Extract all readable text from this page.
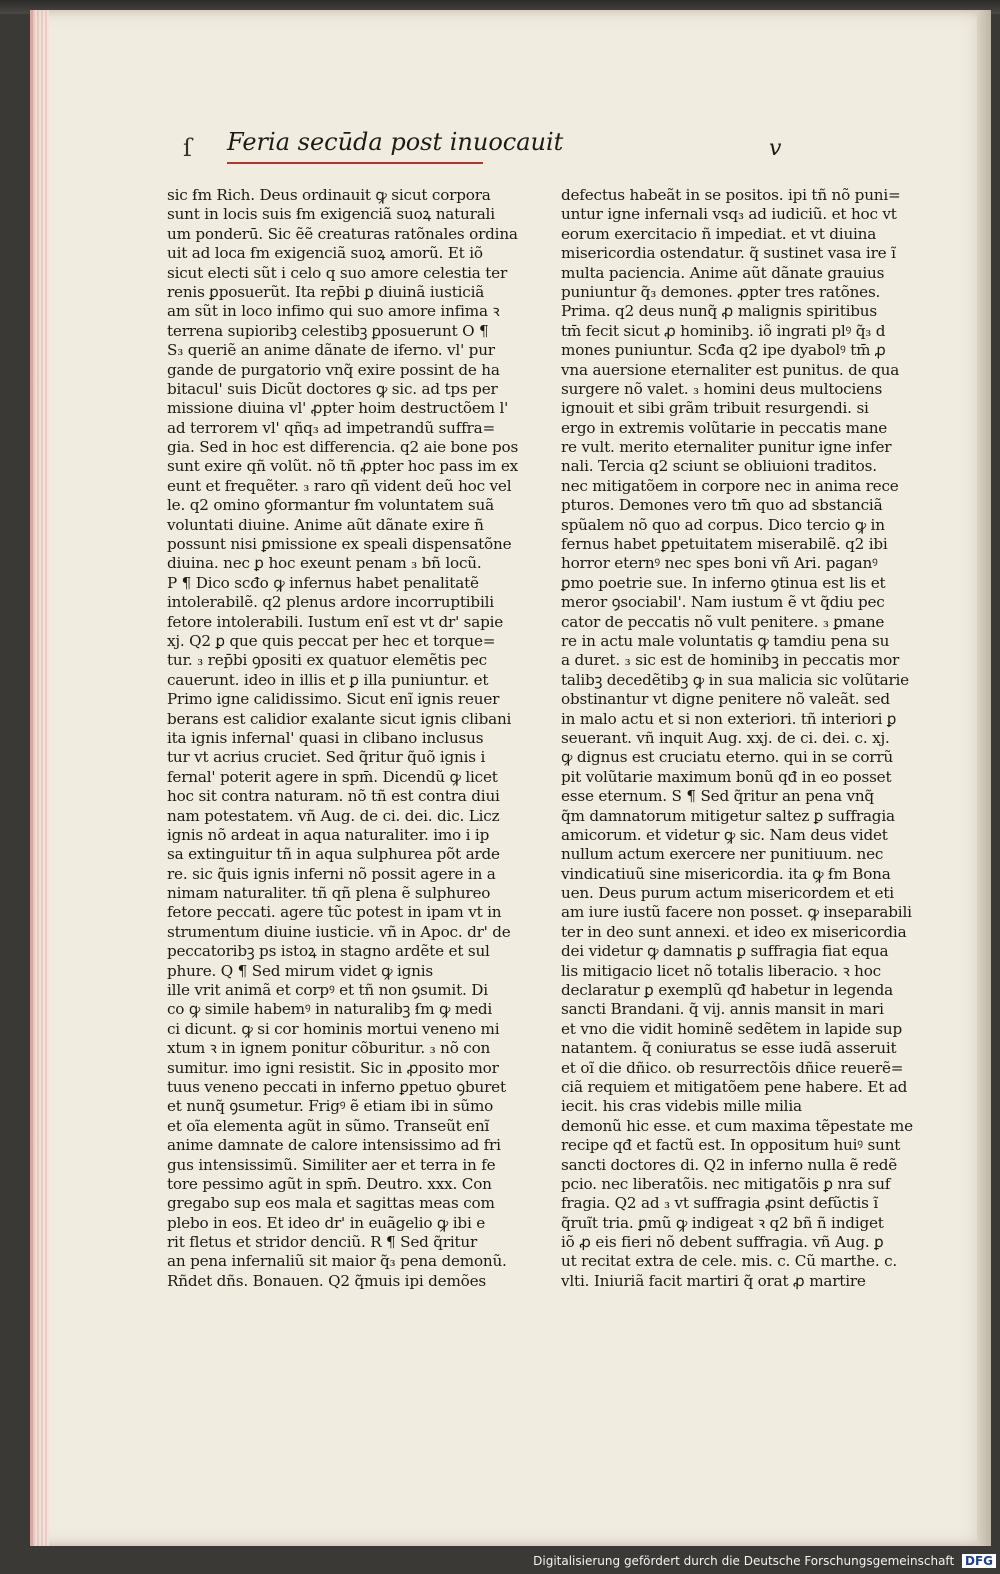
ſ Feria secūda post inuocauit	v
sic ẜm Rich. Deus ordinauit ꝙ sicut corpora
sunt in locis suis ẜm exigenciã suoꝝ naturali
um ponderū. Sic ẽẽ creaturas ratõnales ordina
uit ad loca ẜm exigenciã suoꝝ amorũ. Et iõ
sicut electi sũt i celo q suo amore celestia ter
renis ꝑposuerũt. Ita rep̄bi ꝑ diuinã iusticiã
am sũt in loco infimo qui suo amore infima ꝛ
terrena supioribꝫ celestibꝫ ꝑposuerunt O ¶
S₃ queriẽ an anime dãnate de iferno. vl' pur
gande de purgatorio vnq̃ exire possint de ha
bitacul' suis Dicũt doctores ꝙ sic. ad tps per
missione diuina vl' ꝓpter hoim destructõem l'
ad terrorem vl' qñq₃ ad impetrandũ suffra=
gia. Sed in hoc est differencia. q2 aie bone pos
sunt exire qñ volũt. nõ tñ ꝓpter hoc pass im ex
eunt et frequẽter. ₃ raro qñ vident deũ hoc vel
le. q2 omino ꝯformantur ẜm voluntatem suã
voluntati diuine. Anime aũt dãnate exire ñ
possunt nisi ꝑmissione ex speali dispensatõne
diuina. nec ꝑ hoc exeunt penam ₃ bñ locũ.
P ¶ Dico scđo ꝙ infernus habet penalitatẽ
intolerabilẽ. q2 plenus ardore incorruptibili
fetore intolerabili. Iustum enĩ est vt dr' sapie
xj. Q2 ꝑ que quis peccat per hec et torque=
tur. ₃ rep̄bi ꝯpositi ex quatuor elemẽtis pec
cauerunt. ideo in illis et ꝑ illa puniuntur. et
Primo igne calidissimo. Sicut enĩ ignis reuer
berans est calidior exalante sicut ignis clibani
ita ignis infernal' quasi in clibano inclusus
tur vt acrius cruciet. Sed q̃ritur q̃uõ ignis i
fernal' poterit agere in spm̄. Dicendũ ꝙ licet
hoc sit contra naturam. nõ tñ est contra diui
nam potestatem. vñ Aug. de ci. dei. dic. Licz
ignis nõ ardeat in aqua naturaliter. imo i ip
sa extinguitur tñ in aqua sulphurea põt arde
re. sic q̃uis ignis inferni nõ possit agere in a
nimam naturaliter. tñ qñ plena ẽ sulphureo
fetore peccati. agere tũc potest in ipam vt in
strumentum diuine iusticie. vñ in Apoc. dr' de
peccatoribꝫ ps istoꝝ in stagno ardẽte et sul
phure. Q ¶ Sed mirum videt ꝙ ignis
ille vrit animã et corpꝰ et tñ non ꝯsumit. Di
co ꝙ simile habemꝰ in naturalibꝫ ẜm ꝙ medi
ci dicunt. ꝙ si cor hominis mortui veneno mi
xtum ꝛ in ignem ponitur cõburitur. ₃ nõ con
sumitur. imo igni resistit. Sic in ꝓposito mor
tuus veneno peccati in inferno ꝑpetuo ꝯburet
et nunq̃ ꝯsumetur. Frigꝰ ẽ etiam ibi in sũmo
et oĩa elementa agũt in sũmo. Transeũt enĩ
anime damnate de calore intensissimo ad fri
gus intensissimũ. Similiter aer et terra in fe
tore pessimo agũt in spm̄. Deutro. xxx. Con
gregabo sup eos mala et sagittas meas com
plebo in eos. Et ideo dr' in euãgelio ꝙ ibi e
rit fletus et stridor denciũ. R ¶ Sed q̃ritur
an pena infernaliũ sit maior q̃₃ pena demonũ.
Rñdet dñs. Bonauen. Q2 q̃muis ipi demões
defectus habeãt in se positos. ipi tñ nõ puni=
untur igne infernali vsq₃ ad iudiciũ. et hoc vt
eorum exercitacio ñ impediat. et vt diuina
misericordia ostendatur. q̃ sustinet vasa ire ĩ
multa paciencia. Anime aũt dãnate grauius
puniuntur q̃₃ demones. ꝓpter tres ratõnes.
Prima. q2 deus nunq̃ ꝓ malignis spiritibus
tm̄ fecit sicut ꝓ hominibꝫ. iõ ingrati plꝰ q̃₃ d
mones puniuntur. Scđa q2 ipe dyabolꝰ tm̄ ꝓ
vna auersione eternaliter est punitus. de qua
surgere nõ valet. ₃ homini deus multociens
ignouit et sibi grãm tribuit resurgendi. si
ergo in extremis volũtarie in peccatis mane
re vult. merito eternaliter punitur igne infer
nali. Tercia q2 sciunt se obliuioni traditos.
nec mitigatõem in corpore nec in anima rece
pturos. Demones vero tm̄ quo ad sbstanciã
spũalem nõ quo ad corpus. Dico tercio ꝙ in
fernus habet ꝑpetuitatem miserabilẽ. q2 ibi
horror eternꝰ nec spes boni vñ Ari. paganꝰ
ꝑmo poetrie sue. In inferno ꝯtinua est lis et
meror ꝯsociabil'. Nam iustum ẽ vt q̃diu pec
cator de peccatis nõ vult penitere. ₃ ꝑmane
re in actu male voluntatis ꝙ tamdiu pena su
a duret. ₃ sic est de hominibꝫ in peccatis mor
talibꝫ decedẽtibꝫ ꝙ in sua malicia sic volũtarie
obstinantur vt digne penitere nõ valeãt. sed
in malo actu et si non exteriori. tñ interiori ꝑ
seuerant. vñ inquit Aug. xxj. de ci. dei. c. xj.
ꝙ dignus est cruciatu eterno. qui in se corrũ
pit volũtarie maximum bonũ qđ in eo posset
esse eternum. S ¶ Sed q̃ritur an pena vnq̃
q̃m damnatorum mitigetur saltez ꝑ suffragia
amicorum. et videtur ꝙ sic. Nam deus videt
nullum actum exercere ner punitiuum. nec
vindicatiuũ sine misericordia. ita ꝙ ẜm Bona
uen. Deus purum actum misericordem et eti
am iure iustũ facere non posset. ꝙ inseparabili
ter in deo sunt annexi. et ideo ex misericordia
dei videtur ꝙ damnatis ꝑ suffragia fiat equa
lis mitigacio licet nõ totalis liberacio. ꝛ hoc
declaratur ꝑ exemplũ qđ habetur in legenda
sancti Brandani. q̃ vij. annis mansit in mari
et vno die vidit hominẽ sedẽtem in lapide sup
natantem. q̃ coniuratus se esse iudã asseruit
et oĩ die dñico. ob resurrectõis dñice reuerẽ=
ciã requiem et mitigatõem pene habere. Et ad
iecit. his cras videbis mille milia
demonũ hic esse. et cum maxima tẽpestate me
recipe qđ et factũ est. In oppositum huiꝰ sunt
sancti doctores di. Q2 in inferno nulla ẽ redẽ
pcio. nec liberatõis. nec mitigatõis ꝑ nra suf
fragia. Q2 ad ₃ vt suffragia ꝓsint defũctis ĩ
q̃ruĩt tria. ꝑmũ ꝙ indigeat ꝛ q2 bñ ñ indiget
iõ ꝓ eis fieri nõ debent suffragia. vñ Aug. ꝑ
ut recitat extra de cele. mis. c. Cũ marthe. c.
vlti. Iniuriã facit martiri q̃ orat ꝓ martire
Digitalisierung gefördert durch die Deutsche Forschungsgemeinschaft DFG
